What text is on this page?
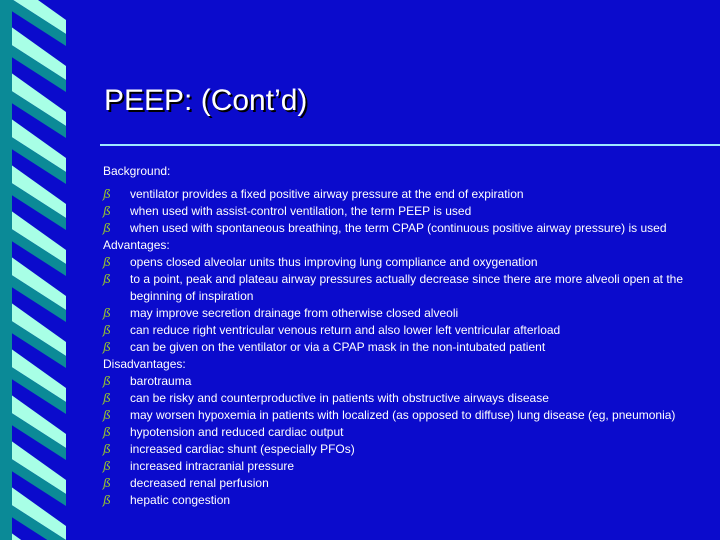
PEEP: (Cont’d)
Background:
ß	ventilator provides a fixed positive airway pressure at the end of expiration
ß	when used with assist-control ventilation, the term PEEP is used
ß	when used with spontaneous breathing, the term CPAP (continuous positive airway pressure) is used
Advantages:
ß	opens closed alveolar units thus improving lung compliance and oxygenation
ß	to a point, peak and plateau airway pressures actually decrease since there are more alveoli open at the beginning of inspiration
ß	may improve secretion drainage from otherwise closed alveoli
ß	can reduce right ventricular venous return and also lower left ventricular afterload
ß	can be given on the ventilator or via a CPAP mask in the non-intubated patient
Disadvantages:
ß	barotrauma
ß	can be risky and counterproductive in patients with obstructive airways disease
ß	may worsen hypoxemia in patients with localized (as opposed to diffuse) lung disease (eg, pneumonia)
ß	hypotension and reduced cardiac output
ß	increased cardiac shunt (especially PFOs)
ß	increased intracranial pressure
ß	decreased renal perfusion
ß	hepatic congestion
